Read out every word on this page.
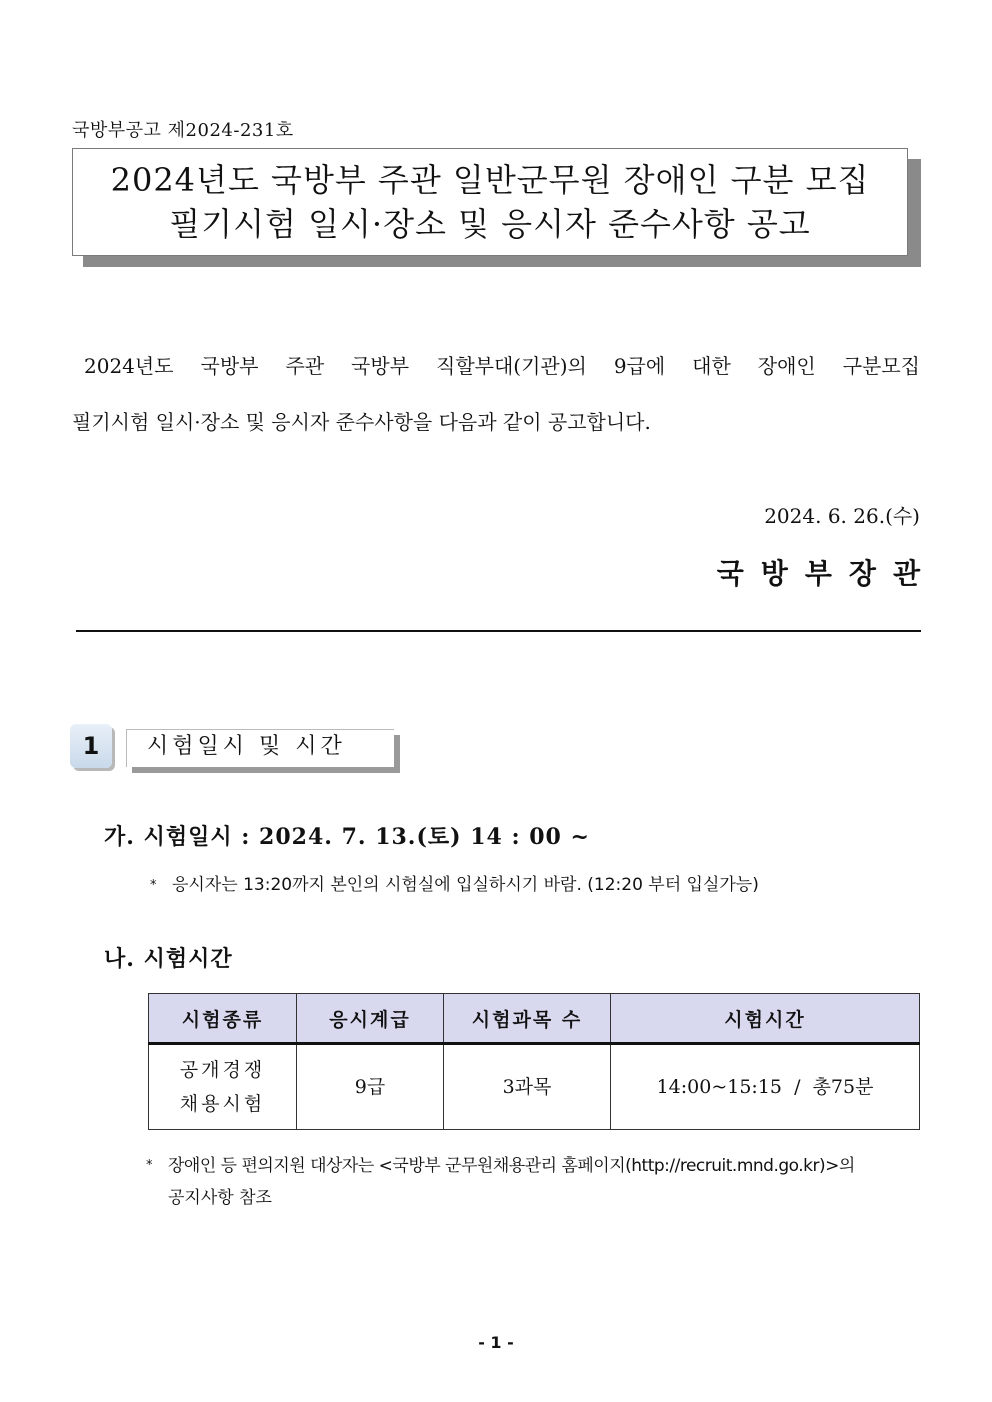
국방부공고 제2024-231호
2024년도 국방부 주관 일반군무원 장애인 구분 모집
필기시험 일시·장소 및 응시자 준수사항 공고
2024년도 국방부 주관 국방부 직할부대(기관)의 9급에 대한 장애인 구분모집
필기시험 일시·장소 및 응시자 준수사항을 다음과 같이 공고합니다.
2024. 6. 26.(수)
국방부장관
1	시험일시 및 시간
가. 시험일시 : 2024. 7. 13.(토) 14 : 00 ~
* 응시자는 13:20까지 본인의 시험실에 입실하시기 바람. (12:20 부터 입실가능)
나. 시험시간
시험종류	응시계급	시험과목 수	시험시간

공개경쟁
채용시험	9급	3과목	14:00~15:15  /  총75분
* 장애인 등 편의지원 대상자는 <국방부 군무원채용관리 홈페이지(http://recruit.mnd.go.kr)>의
공지사항 참조
- 1 -
